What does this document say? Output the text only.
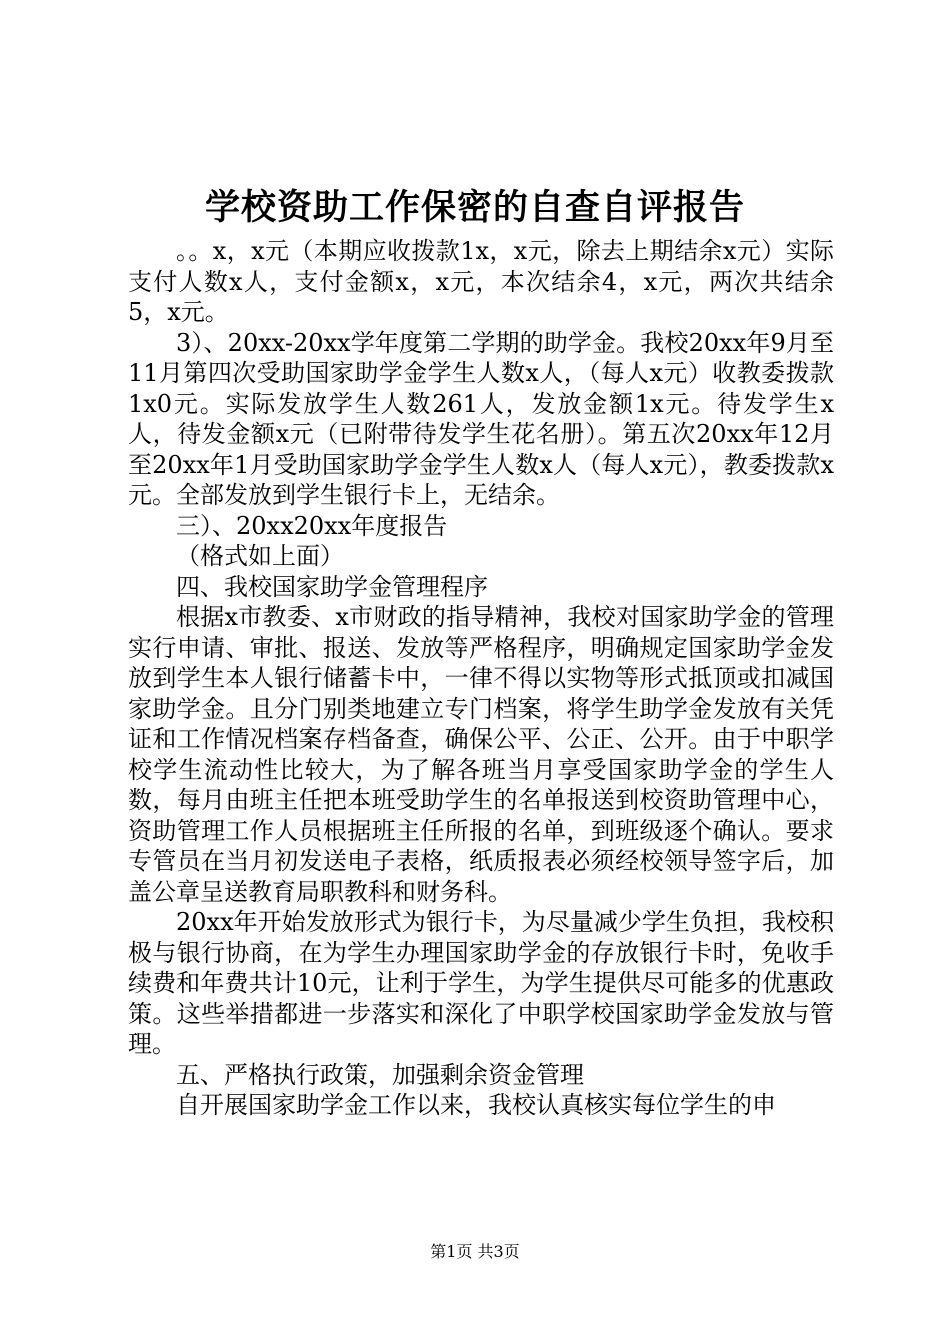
学校资助工作保密的自查自评报告

。。x，x元（本期应收拨款1x，x元，除去上期结余x元）实际支付人数x人，支付金额x，x元，本次结余4，x元，两次共结余5，x元。

3）、20xx-20xx学年度第二学期的助学金。我校20xx年9月至11月第四次受助国家助学金学生人数x人，（每人x元）收教委拨款1x0元。实际发放学生人数261人，发放金额1x元。待发学生x人，待发金额x元（已附带待发学生花名册）。第五次20xx年12月至20xx年1月受助国家助学金学生人数x人（每人x元），教委拨款x元。全部发放到学生银行卡上，无结余。

三）、20xx20xx年度报告

（格式如上面）

四、我校国家助学金管理程序

根据x市教委、x市财政的指导精神，我校对国家助学金的管理实行申请、审批、报送、发放等严格程序，明确规定国家助学金发放到学生本人银行储蓄卡中，一律不得以实物等形式抵顶或扣减国家助学金。且分门别类地建立专门档案，将学生助学金发放有关凭证和工作情况档案存档备查，确保公平、公正、公开。由于中职学校学生流动性比较大，为了解各班当月享受国家助学金的学生人数，每月由班主任把本班受助学生的名单报送到校资助管理中心，资助管理工作人员根据班主任所报的名单，到班级逐个确认。要求专管员在当月初发送电子表格，纸质报表必须经校领导签字后，加盖公章呈送教育局职教科和财务科。

20xx年开始发放形式为银行卡，为尽量减少学生负担，我校积极与银行协商，在为学生办理国家助学金的存放银行卡时，免收手续费和年费共计10元，让利于学生，为学生提供尽可能多的优惠政策。这些举措都进一步落实和深化了中职学校国家助学金发放与管理。

五、严格执行政策，加强剩余资金管理

自开展国家助学金工作以来，我校认真核实每位学生的申

第1页 共3页
